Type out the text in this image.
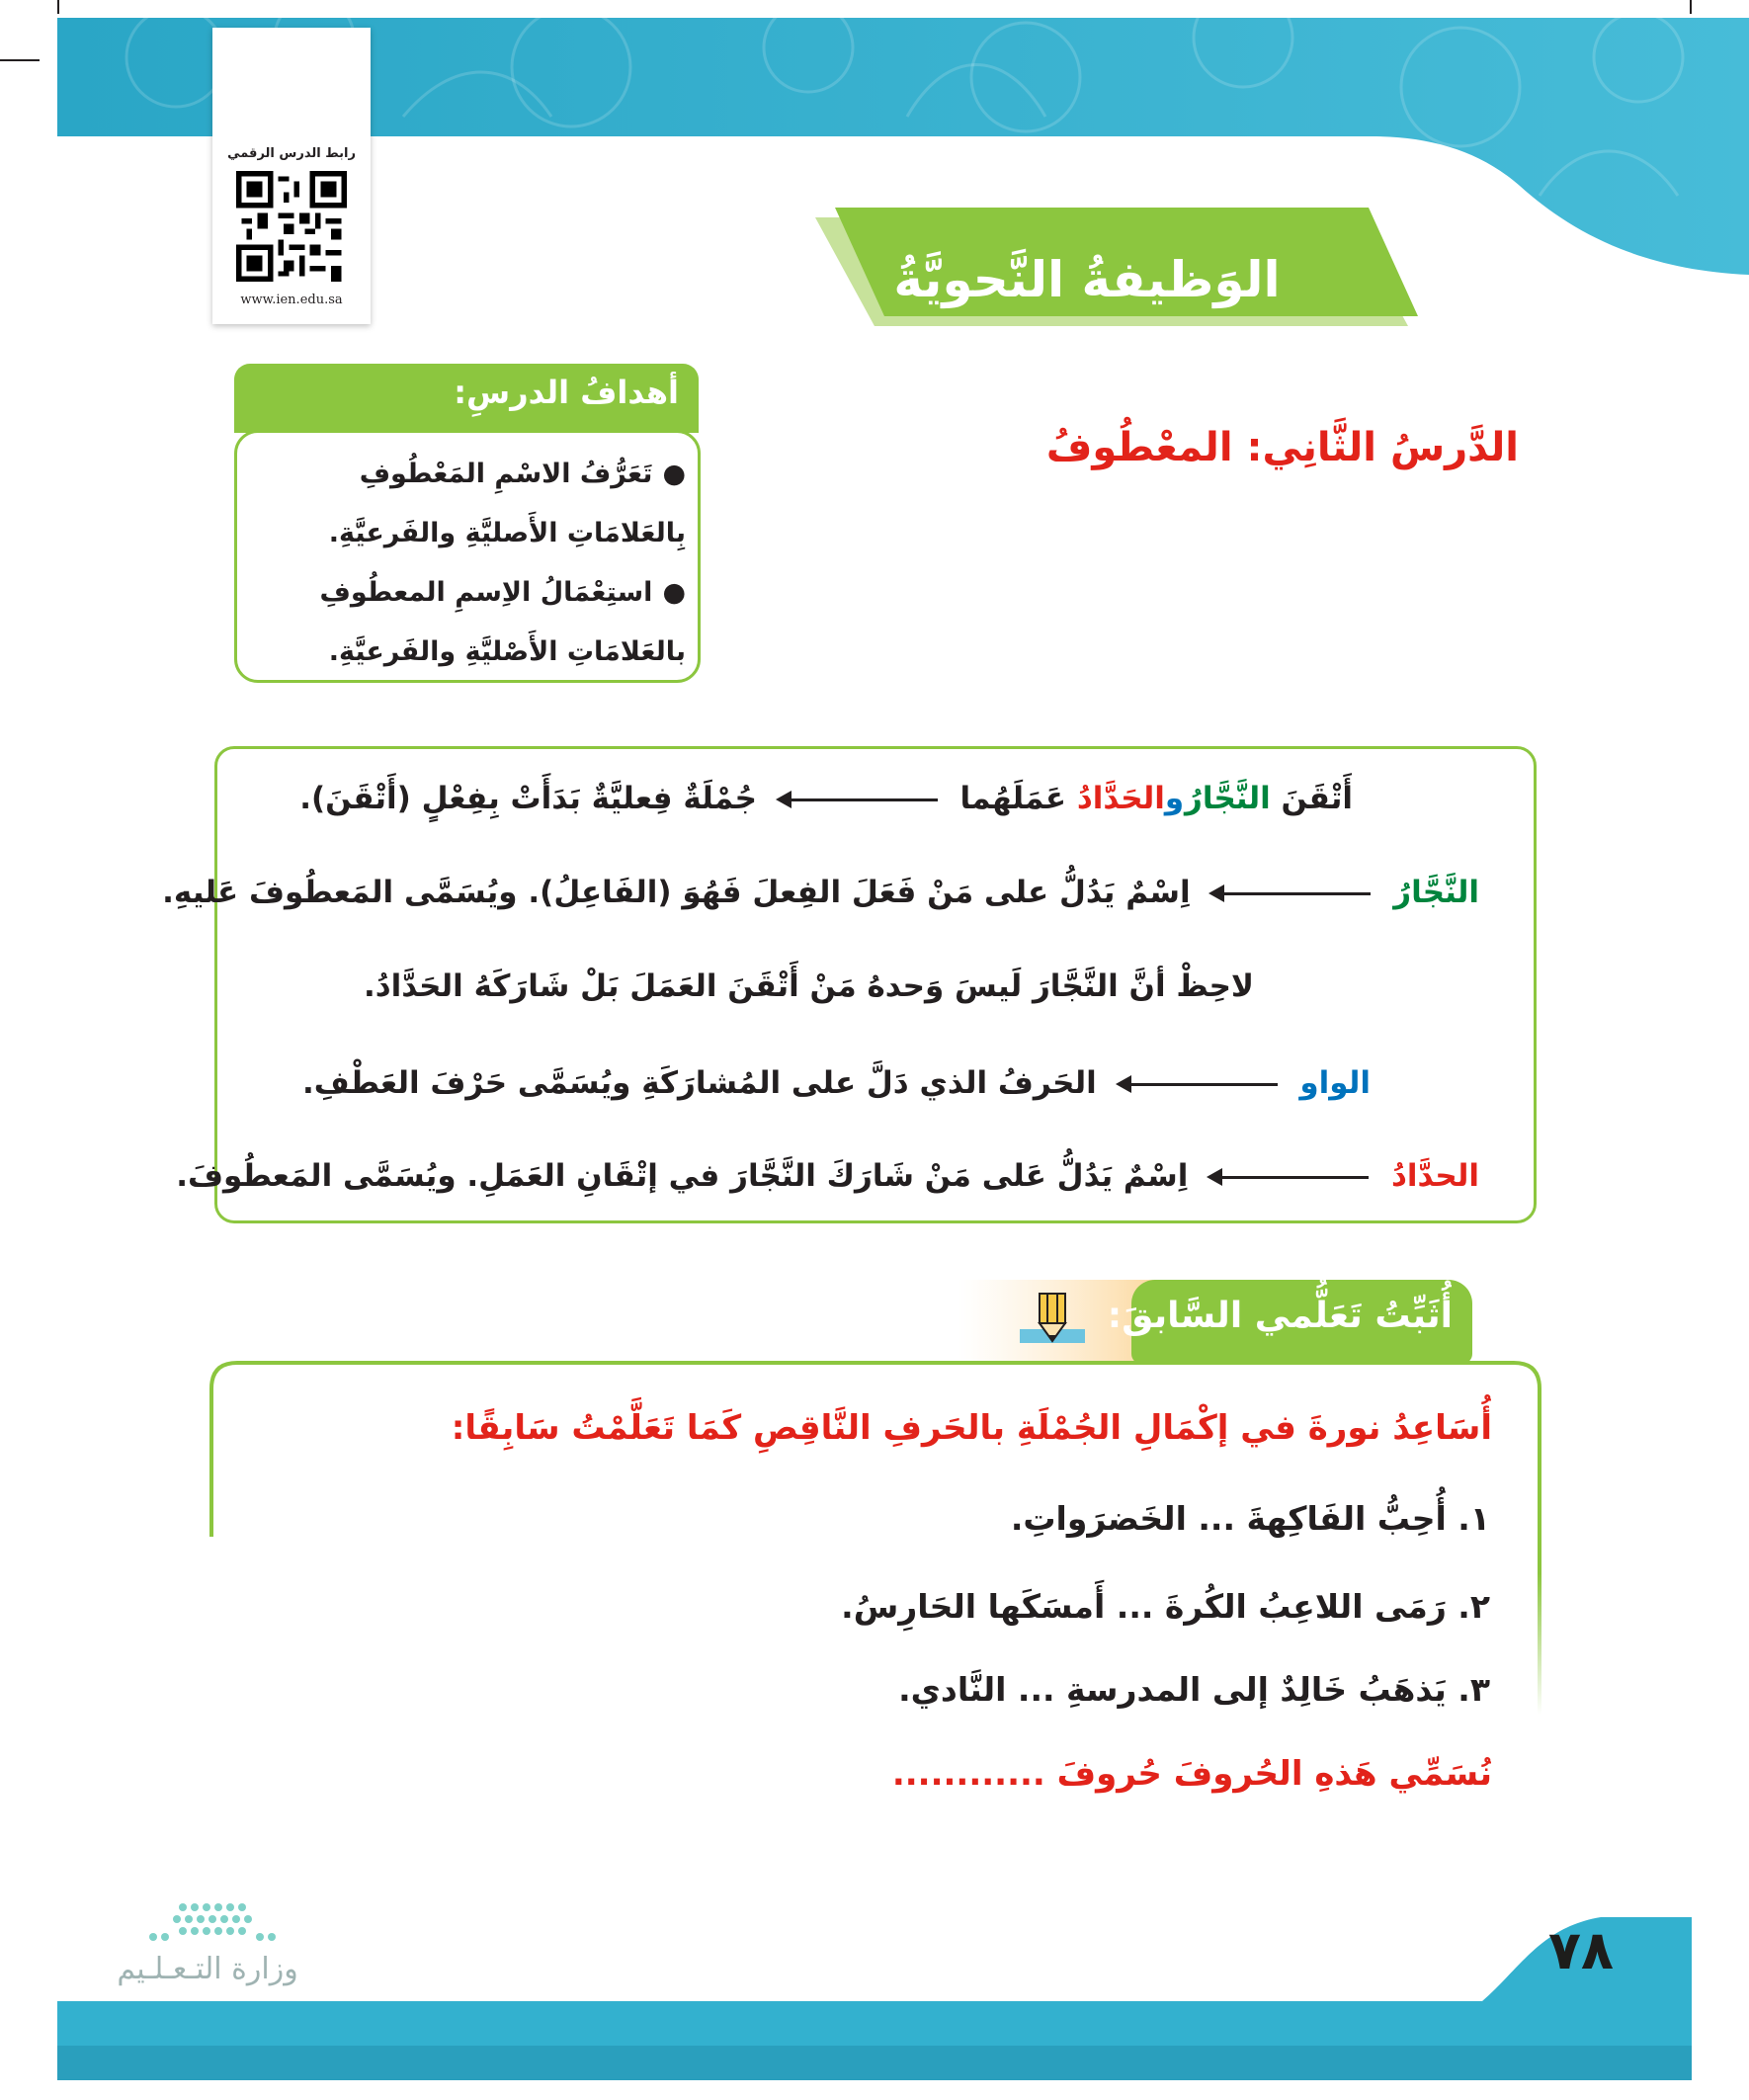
رابط الدرس الرقمي
www.ien.edu.sa	الوَظيفةُ النَّحويَّةُ
أهدافُ الدرسِ:
●تَعَرُّفُ الاسْمِ المَعْطُوفِ بِالعَلامَاتِ الأَصليَّةِ والفَرعيَّةِ.
●استِعْمَالُ الاِسمِ المعطُوفِ بالعَلامَاتِ الأَصْليَّةِ والفَرعيَّةِ.
الدَّرسُ الثَّانِي: المعْطُوفُ
أَتْقَنَ النَّجَّارُ والحَدَّادُ عَمَلَهُما  جُمْلَةٌ فِعليَّةٌ بَدَأَتْ بِفِعْلٍ (أَتْقَنَ).
النَّجَّارُ  اِسْمٌ يَدُلُّ على مَنْ فَعَلَ الفِعلَ فَهُوَ (الفَاعِلُ). ويُسَمَّى المَعطُوفَ عَليهِ.
لاحِظْ أنَّ النَّجَّارَ لَيسَ وَحدهُ مَنْ أَتْقَنَ العَمَلَ بَلْ شَارَكَهُ الحَدَّادُ.
الواو  الحَرفُ الذي دَلَّ على المُشارَكَةِ ويُسَمَّى حَرْفَ العَطْفِ.
الحدَّادُ  اِسْمٌ يَدُلُّ عَلى مَنْ شَارَكَ النَّجَّارَ في إتْقَانِ العَمَلِ. ويُسَمَّى المَعطُوفَ.
أُثَبِّتُ تَعَلُّمي السَّابقَ:
أُسَاعِدُ نورةَ في إكْمَالِ الجُمْلَةِ بالحَرفِ النَّاقِصِ كَمَا تَعَلَّمْتُ سَابِقًا:
١. أُحِبُّ الفَاكِهةَ ... الخَضرَواتِ.
٢. رَمَى اللاعِبُ الكُرةَ ... أَمسَكَها الحَارِسُ.
٣. يَذهَبُ خَالِدٌ إلى المدرسةِ ... النَّادي.
نُسَمِّي هَذهِ الحُروفَ حُروفَ ............
٧٨
وزارة التـعـلـيم
